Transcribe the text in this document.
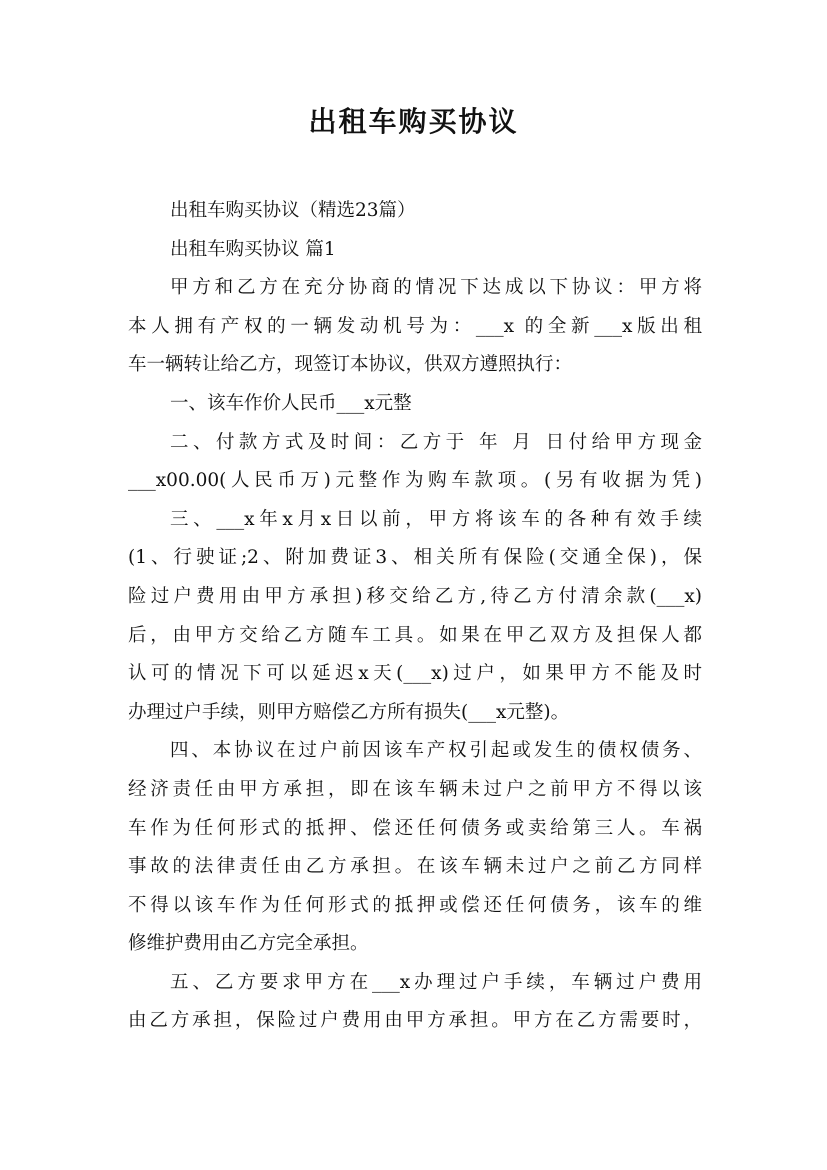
出租车购买协议
出租车购买协议（精选23篇）
出租车购买协议 篇1
甲方和乙方在充分协商的情况下达成以下协议：甲方将
本人拥有产权的一辆发动机号为：___x 的全新___x版出租
车一辆转让给乙方，现签订本协议，供双方遵照执行：
一、该车作价人民币___x元整
二、付款方式及时间：乙方于 年 月 日付给甲方现金
___x00.00(人民币万)元整作为购车款项。(另有收据为凭)
三、___x年x月x日以前，甲方将该车的各种有效手续
(1、行驶证;2、附加费证3、相关所有保险(交通全保)，保
险过户费用由甲方承担)移交给乙方,待乙方付清余款(___x)
后，由甲方交给乙方随车工具。如果在甲乙双方及担保人都
认可的情况下可以延迟x天(___x)过户，如果甲方不能及时
办理过户手续，则甲方赔偿乙方所有损失(___x元整)。
四、本协议在过户前因该车产权引起或发生的债权债务、
经济责任由甲方承担，即在该车辆未过户之前甲方不得以该
车作为任何形式的抵押、偿还任何债务或卖给第三人。车祸
事故的法律责任由乙方承担。在该车辆未过户之前乙方同样
不得以该车作为任何形式的抵押或偿还任何债务，该车的维
修维护费用由乙方完全承担。
五、乙方要求甲方在___x办理过户手续，车辆过户费用
由乙方承担，保险过户费用由甲方承担。甲方在乙方需要时，
